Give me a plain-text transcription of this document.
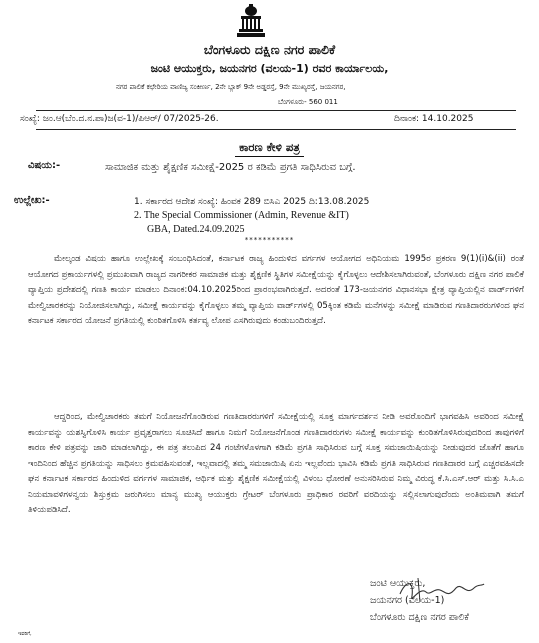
ಬೆಂಗಳೂರು ದಕ್ಷಿಣ ನಗರ ಪಾಲಿಕೆ
ಜಂಟಿ ಆಯುಕ್ತರು, ಜಯನಗರ (ವಲಯ-1) ರವರ ಕಾರ್ಯಾಲಯ,
ನಗರ ಪಾಲಿಕೆ ಕಛೇರಿಯ ವಾಣಿಜ್ಯ ಸಂಕೀರ್ಣ, 2ನೇ ಬ್ಲಾಕ್ 9ನೇ ಅಡ್ಡರಸ್ತೆ, 9ನೇ ಮುಖ್ಯರಸ್ತೆ, ಜಯನಗರ,
ಬೆಂಗಳೂರು- 560 011
ಸಂಖ್ಯೆ: ಜಂ.ಆ(ಬೆಂ.ದ.ನ.ಪಾ)ಜ(ವ-1)/ಪಿಆರ್/ 07/2025-26.	ದಿನಾಂಕ: 14.10.2025
ಕಾರಣ ಕೇಳಿ ಪತ್ರ
ವಿಷಯ:-	ಸಾಮಾಜಿಕ ಮತ್ತು ಶೈಕ್ಷಣಿಕ ಸಮೀಕ್ಷೆ-2025 ರ ಕಡಿಮೆ ಪ್ರಗತಿ ಸಾಧಿಸಿರುವ ಬಗ್ಗೆ.
ಉಲ್ಲೇಖ:-	1. ಸರ್ಕಾರದ ಆದೇಶ ಸಂಖ್ಯೆ: ಹಿಂವಕ 289 ಬಿಸಿಎ 2025 ದಿ:13.08.2025
2. The Special Commissioner (Admin, Revenue &IT)
GBA, Dated.24.09.2025
***********
ಮೇಲ್ಕಂಡ ವಿಷಯ ಹಾಗೂ ಉಲ್ಲೇಖಕ್ಕೆ ಸಂಬಂಧಿಸಿದಂತೆ, ಕರ್ನಾಟಕ ರಾಜ್ಯ ಹಿಂದುಳಿದ ವರ್ಗಗಳ ಆಯೋಗದ ಅಧಿನಿಯಮ 1995ರ ಪ್ರಕರಣ 9(1)(i)&(ii) ರಂತೆ ಆಯೋಗದ ಪ್ರಕಾರ್ಯಗಳಲ್ಲಿ ಪ್ರಮುಖವಾಗಿ ರಾಜ್ಯದ ನಾಗರೀಕರ ಸಾಮಾಜಿಕ ಮತ್ತು ಶೈಕ್ಷಣಿಕ ಸ್ಥಿತಿಗಳ ಸಮೀಕ್ಷೆಯನ್ನು ಕೈಗೊಳ್ಳಲು ಆದೇಶಿಸಲಾಗಿರುವಂತೆ, ಬೆಂಗಳೂರು ದಕ್ಷಿಣ ನಗರ ಪಾಲಿಕೆ ವ್ಯಾಪ್ತಿಯ ಪ್ರದೇಶದಲ್ಲಿ ಗಣತಿ ಕಾರ್ಯ ಮಾಡಲು ದಿನಾಂಕ:04.10.2025ರಿಂದ ಪ್ರಾರಂಭವಾಗಿರುತ್ತದೆ. ಅದರಂತೆ 173-ಜಯನಗರ ವಿಧಾನಸಭಾ ಕ್ಷೇತ್ರ ವ್ಯಾಪ್ತಿಯಲ್ಲಿನ ವಾರ್ಡ್‌ಗಳಿಗೆ ಮೇಲ್ವಿಚಾರಕರನ್ನು ನಿಯೋಜಿಸಲಾಗಿದ್ದು, ಸಮೀಕ್ಷೆ ಕಾರ್ಯವನ್ನು ಕೈಗೊಳ್ಳಲು ತಮ್ಮ ವ್ಯಾಪ್ತಿಯ ವಾರ್ಡ್‌ಗಳಲ್ಲಿ 05ಕ್ಕಿಂತ ಕಡಿಮೆ ಮನೆಗಳನ್ನು ಸಮೀಕ್ಷೆ ಮಾಡಿರುವ ಗಣತಿದಾರರುಗಳಿಂದ ಘನ ಕರ್ನಾಟಕ ಸರ್ಕಾರದ ಯೋಜನೆ ಪ್ರಗತಿಯಲ್ಲಿ ಕುಂಠಿತಗೊಳಿಸಿ ಕರ್ತವ್ಯ ಲೋಪ ಎಸಗಿರುವುದು ಕಂಡುಬಂದಿರುತ್ತದೆ.
ಆದ್ದರಿಂದ, ಮೇಲ್ವಿಚಾರಕರು ತಮಗೆ ನಿಯೋಜನೆಗೊಂಡಿರುವ ಗಣತಿದಾರರುಗಳಿಗೆ ಸಮೀಕ್ಷೆಯಲ್ಲಿ ಸೂಕ್ತ ಮಾರ್ಗದರ್ಶನ ನೀಡಿ ಅವರೊಂದಿಗೆ ಭಾಗವಹಿಸಿ ಅವರಿಂದ ಸಮೀಕ್ಷೆ ಕಾರ್ಯವನ್ನು ಯಶಸ್ವಿಗೊಳಿಸಿ ಕಾರ್ಯ ಪ್ರವೃತ್ತರಾಗಲು ಸೂಚಿಸಿದೆ ಹಾಗೂ ನಿಮಗೆ ನಿಯೋಜನೆಗೊಂಡ ಗಣತಿದಾರರುಗಳು ಸಮೀಕ್ಷೆ ಕಾರ್ಯವನ್ನು ಕುಂಠಿತಗೊಳಿಸಿರುವುದರಿಂದ ತಾವುಗಳಿಗೆ ಕಾರಣ ಕೇಳಿ ಪತ್ರವನ್ನು ಜಾರಿ ಮಾಡಲಾಗಿದ್ದು, ಈ ಪತ್ರ ತಲುಪಿದ 24 ಗಂಟೆಗಳೊಳಗಾಗಿ ಕಡಿಮೆ ಪ್ರಗತಿ ಸಾಧಿಸಿರುವ ಬಗ್ಗೆ ಸೂಕ್ತ ಸಮಜಾಯಿಷಿಯನ್ನು ನೀಡುವುದರ ಜೊತೆಗೆ ಹಾಗೂ ಇಂದಿನಿಂದ ಹೆಚ್ಚಿನ ಪ್ರಗತಿಯನ್ನು ಸಾಧಿಸಲು ಕ್ರಮವಹಿಸುವಂತೆ, ಇಲ್ಲವಾದಲ್ಲಿ ತಮ್ಮ ಸಮಜಾಯಿಷಿ ಏನು ಇಲ್ಲವೆಂದು ಭಾವಿಸಿ ಕಡಿಮೆ ಪ್ರಗತಿ ಸಾಧಿಸಿರುವ ಗಣತಿದಾರರ ಬಗ್ಗೆ ಎಚ್ಚರವಹಿಸದೇ ಘನ ಕರ್ನಾಟಕ ಸರ್ಕಾರದ ಹಿಂದುಳಿದ ವರ್ಗಗಳ ಸಾಮಾಜಿಕ, ಆರ್ಥಿಕ ಮತ್ತು ಶೈಕ್ಷಣಿಕ ಸಮೀಕ್ಷೆಯಲ್ಲಿ ವಿಳಂಬ ಧೋರಣೆ ಅನುಸರಿಸಿರುವ ನಿಮ್ಮ ವಿರುದ್ಧ ಕೆ.ಸಿ.ಎಸ್.ಆರ್ ಮತ್ತು ಸಿ.ಸಿ.ಎ ನಿಯಮಾವಳಿಗಳನ್ವಯ ಶಿಸ್ತುಕ್ರಮ ಜರುಗಿಸಲು ಮಾನ್ಯ ಮುಖ್ಯ ಆಯುಕ್ತರು ಗ್ರೇಟರ್ ಬೆಂಗಳೂರು ಪ್ರಾಧಿಕಾರ ರವರಿಗೆ ವರದಿಯನ್ನು ಸಲ್ಲಿಸಲಾಗುವುದೆಂದು ಅಂತಿಮವಾಗಿ ತಮಗೆ ತಿಳಿಯಪಡಿಸಿದೆ.
ಜಂಟಿ ಆಯುಕ್ತರು,
ಜಯನಗರ (ವಲಯ-1)
ಬೆಂಗಳೂರು ದಕ್ಷಿಣ ನಗರ ಪಾಲಿಕೆ
ಇವರಿಗೆ,
